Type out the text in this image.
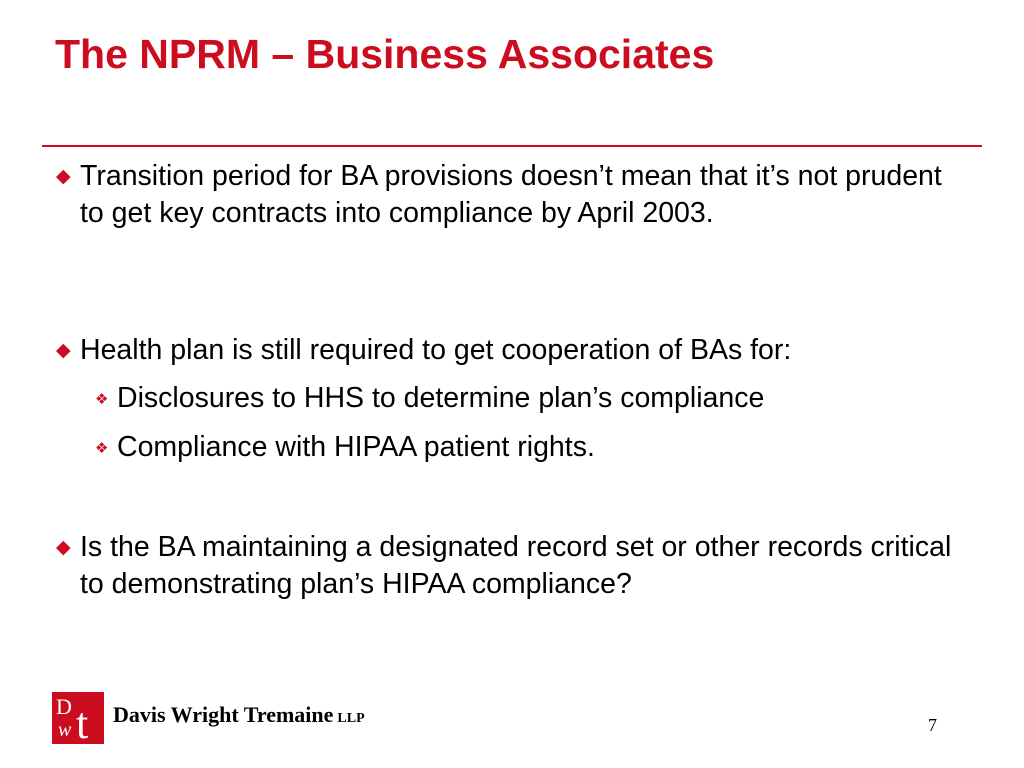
The NPRM – Business Associates
◆ Transition period for BA provisions doesn’t mean that it’s not prudent to get key contracts into compliance by April 2003.
◆ Health plan is still required to get cooperation of BAs for:
❖ Disclosures to HHS to determine plan’s compliance
❖ Compliance with HIPAA patient rights.
◆ Is the BA maintaining a designated record set or other records critical to demonstrating plan’s HIPAA compliance?
D
w t Davis Wright Tremaine LLP	7
